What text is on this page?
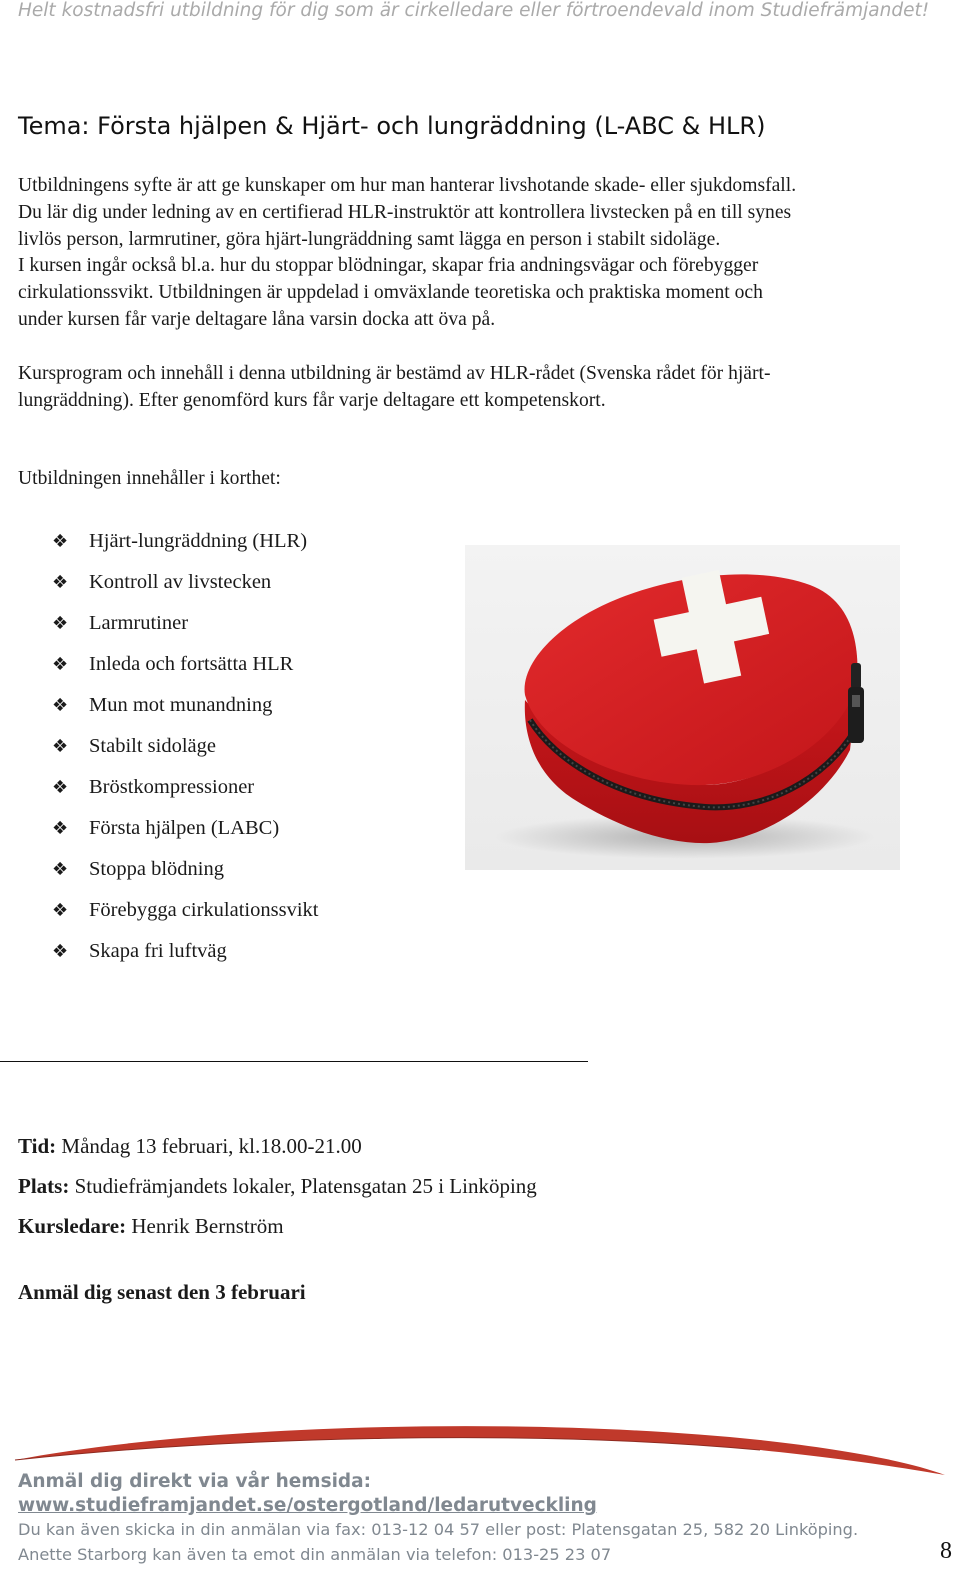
Helt kostnadsfri utbildning för dig som är cirkelledare eller förtroendevald inom Studiefrämjandet!
Tema: Första hjälpen & Hjärt- och lungräddning (L-ABC & HLR)
Utbildningens syfte är att ge kunskaper om hur man hanterar livshotande skade- eller sjukdomsfall.
Du lär dig under ledning av en certifierad HLR-instruktör att kontrollera livstecken på en till synes
livlös person, larmrutiner, göra hjärt-lungräddning samt lägga en person i stabilt sidoläge.
I kursen ingår också bl.a. hur du stoppar blödningar, skapar fria andningsvägar och förebygger
cirkulationssvikt. Utbildningen är uppdelad i omväxlande teoretiska och praktiska moment och
under kursen får varje deltagare låna varsin docka att öva på.
Kursprogram och innehåll i denna utbildning är bestämd av HLR-rådet (Svenska rådet för hjärt-
lungräddning). Efter genomförd kurs får varje deltagare ett kompetenskort.

Utbildningen innehåller i korthet:

❖	Hjärt-lungräddning (HLR)
❖	Kontroll av livstecken
❖	Larmrutiner
❖	Inleda och fortsätta HLR
❖	Mun mot munandning
❖	Stabilt sidoläge
❖	Bröstkompressioner
❖	Första hjälpen (LABC)
❖	Stoppa blödning
❖	Förebygga cirkulationssvikt
❖	Skapa fri luftväg

Tid: Måndag 13 februari, kl.18.00-21.00

Plats: Studiefrämjandets lokaler, Platensgatan 25 i Linköping

Kursledare: Henrik Bernström

Anmäl dig senast den 3 februari

Anmäl dig direkt via vår hemsida:

www.studieframjandet.se/ostergotland/ledarutveckling

Du kan även skicka in din anmälan via fax: 013-12 04 57 eller post: Platensgatan 25, 582 20 Linköping.

Anette Starborg kan även ta emot din anmälan via telefon: 013-25 23 07	8
